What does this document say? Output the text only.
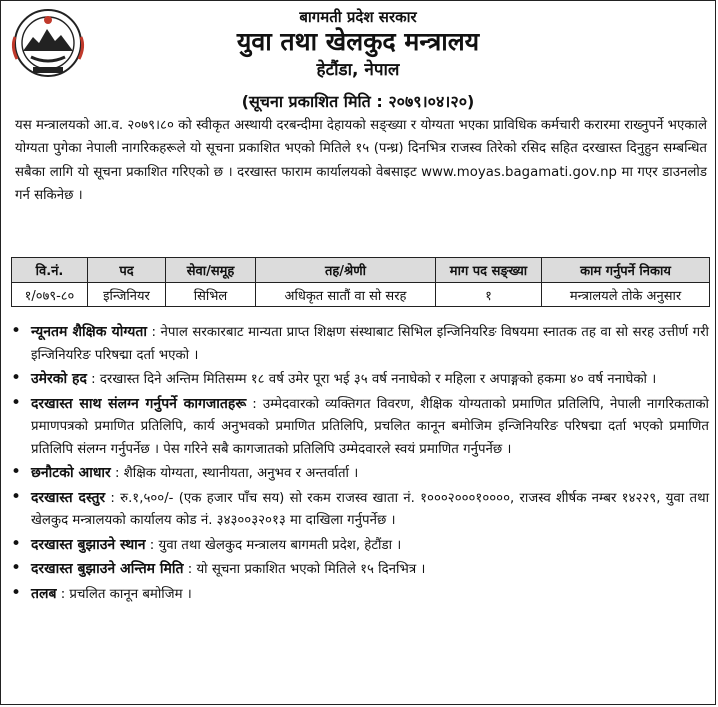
बागमती प्रदेश सरकार
युवा तथा खेलकुद मन्त्रालय
हेटौंडा, नेपाल
(सूचना प्रकाशित मिति : २०७९।०४।२०)
यस मन्त्रालयको आ.व. २०७९।८० को स्वीकृत अस्थायी दरबन्दीमा देहायको सङ्ख्या र योग्यता भएका प्राविधिक कर्मचारी करारमा राख्नुपर्ने भएकाले योग्यता पुगेका नेपाली नागरिकहरूले यो सूचना प्रकाशित भएको मितिले १५ (पन्ध्र) दिनभित्र राजस्व तिरेको रसिद सहित दरखास्त दिनुहुन सम्बन्धित सबैका लागि यो सूचना प्रकाशित गरिएको छ । दरखास्त फाराम कार्यालयको वेबसाइट www.moyas.bagamati.gov.np मा गएर डाउनलोड गर्न सकिनेछ ।
वि.नं.	पद	सेवा/समूह	तह/श्रेणी	माग पद सङ्ख्या	काम गर्नुपर्ने निकाय
१/०७९-८०	इन्जिनियर	सिभिल	अधिकृत सातौं वा सो सरह	१	मन्त्रालयले तोके अनुसार
• न्यूनतम शैक्षिक योग्यता : नेपाल सरकारबाट मान्यता प्राप्त शिक्षण संस्थाबाट सिभिल इन्जिनियरिङ विषयमा स्नातक तह वा सो सरह उत्तीर्ण गरी इन्जिनियरिङ परिषद्मा दर्ता भएको ।
• उमेरको हद : दरखास्त दिने अन्तिम मितिसम्म १८ वर्ष उमेर पूरा भई ३५ वर्ष ननाघेको र महिला र अपाङ्गको हकमा ४० वर्ष ननाघेको ।
• दरखास्त साथ संलग्न गर्नुपर्ने कागजातहरू : उम्मेदवारको व्यक्तिगत विवरण, शैक्षिक योग्यताको प्रमाणित प्रतिलिपि, नेपाली नागरिकताको प्रमाणपत्रको प्रमाणित प्रतिलिपि, कार्य अनुभवको प्रमाणित प्रतिलिपि, प्रचलित कानून बमोजिम इन्जिनियरिङ परिषद्मा दर्ता भएको प्रमाणित प्रतिलिपि संलग्न गर्नुपर्नेछ । पेस गरिने सबै कागजातको प्रतिलिपि उम्मेदवारले स्वयं प्रमाणित गर्नुपर्नेछ ।
• छनौटको आधार : शैक्षिक योग्यता, स्थानीयता, अनुभव र अन्तर्वार्ता ।
• दरखास्त दस्तुर : रु.१,५००/- (एक हजार पाँच सय) सो रकम राजस्व खाता नं. १०००२०००१००००, राजस्व शीर्षक नम्बर १४२२९, युवा तथा खेलकुद मन्त्रालयको कार्यालय कोड नं. ३४३००३२०१३ मा दाखिला गर्नुपर्नेछ ।
• दरखास्त बुझाउने स्थान : युवा तथा खेलकुद मन्त्रालय बागमती प्रदेश, हेटौंडा ।
• दरखास्त बुझाउने अन्तिम मिति : यो सूचना प्रकाशित भएको मितिले १५ दिनभित्र ।
• तलब : प्रचलित कानून बमोजिम ।
